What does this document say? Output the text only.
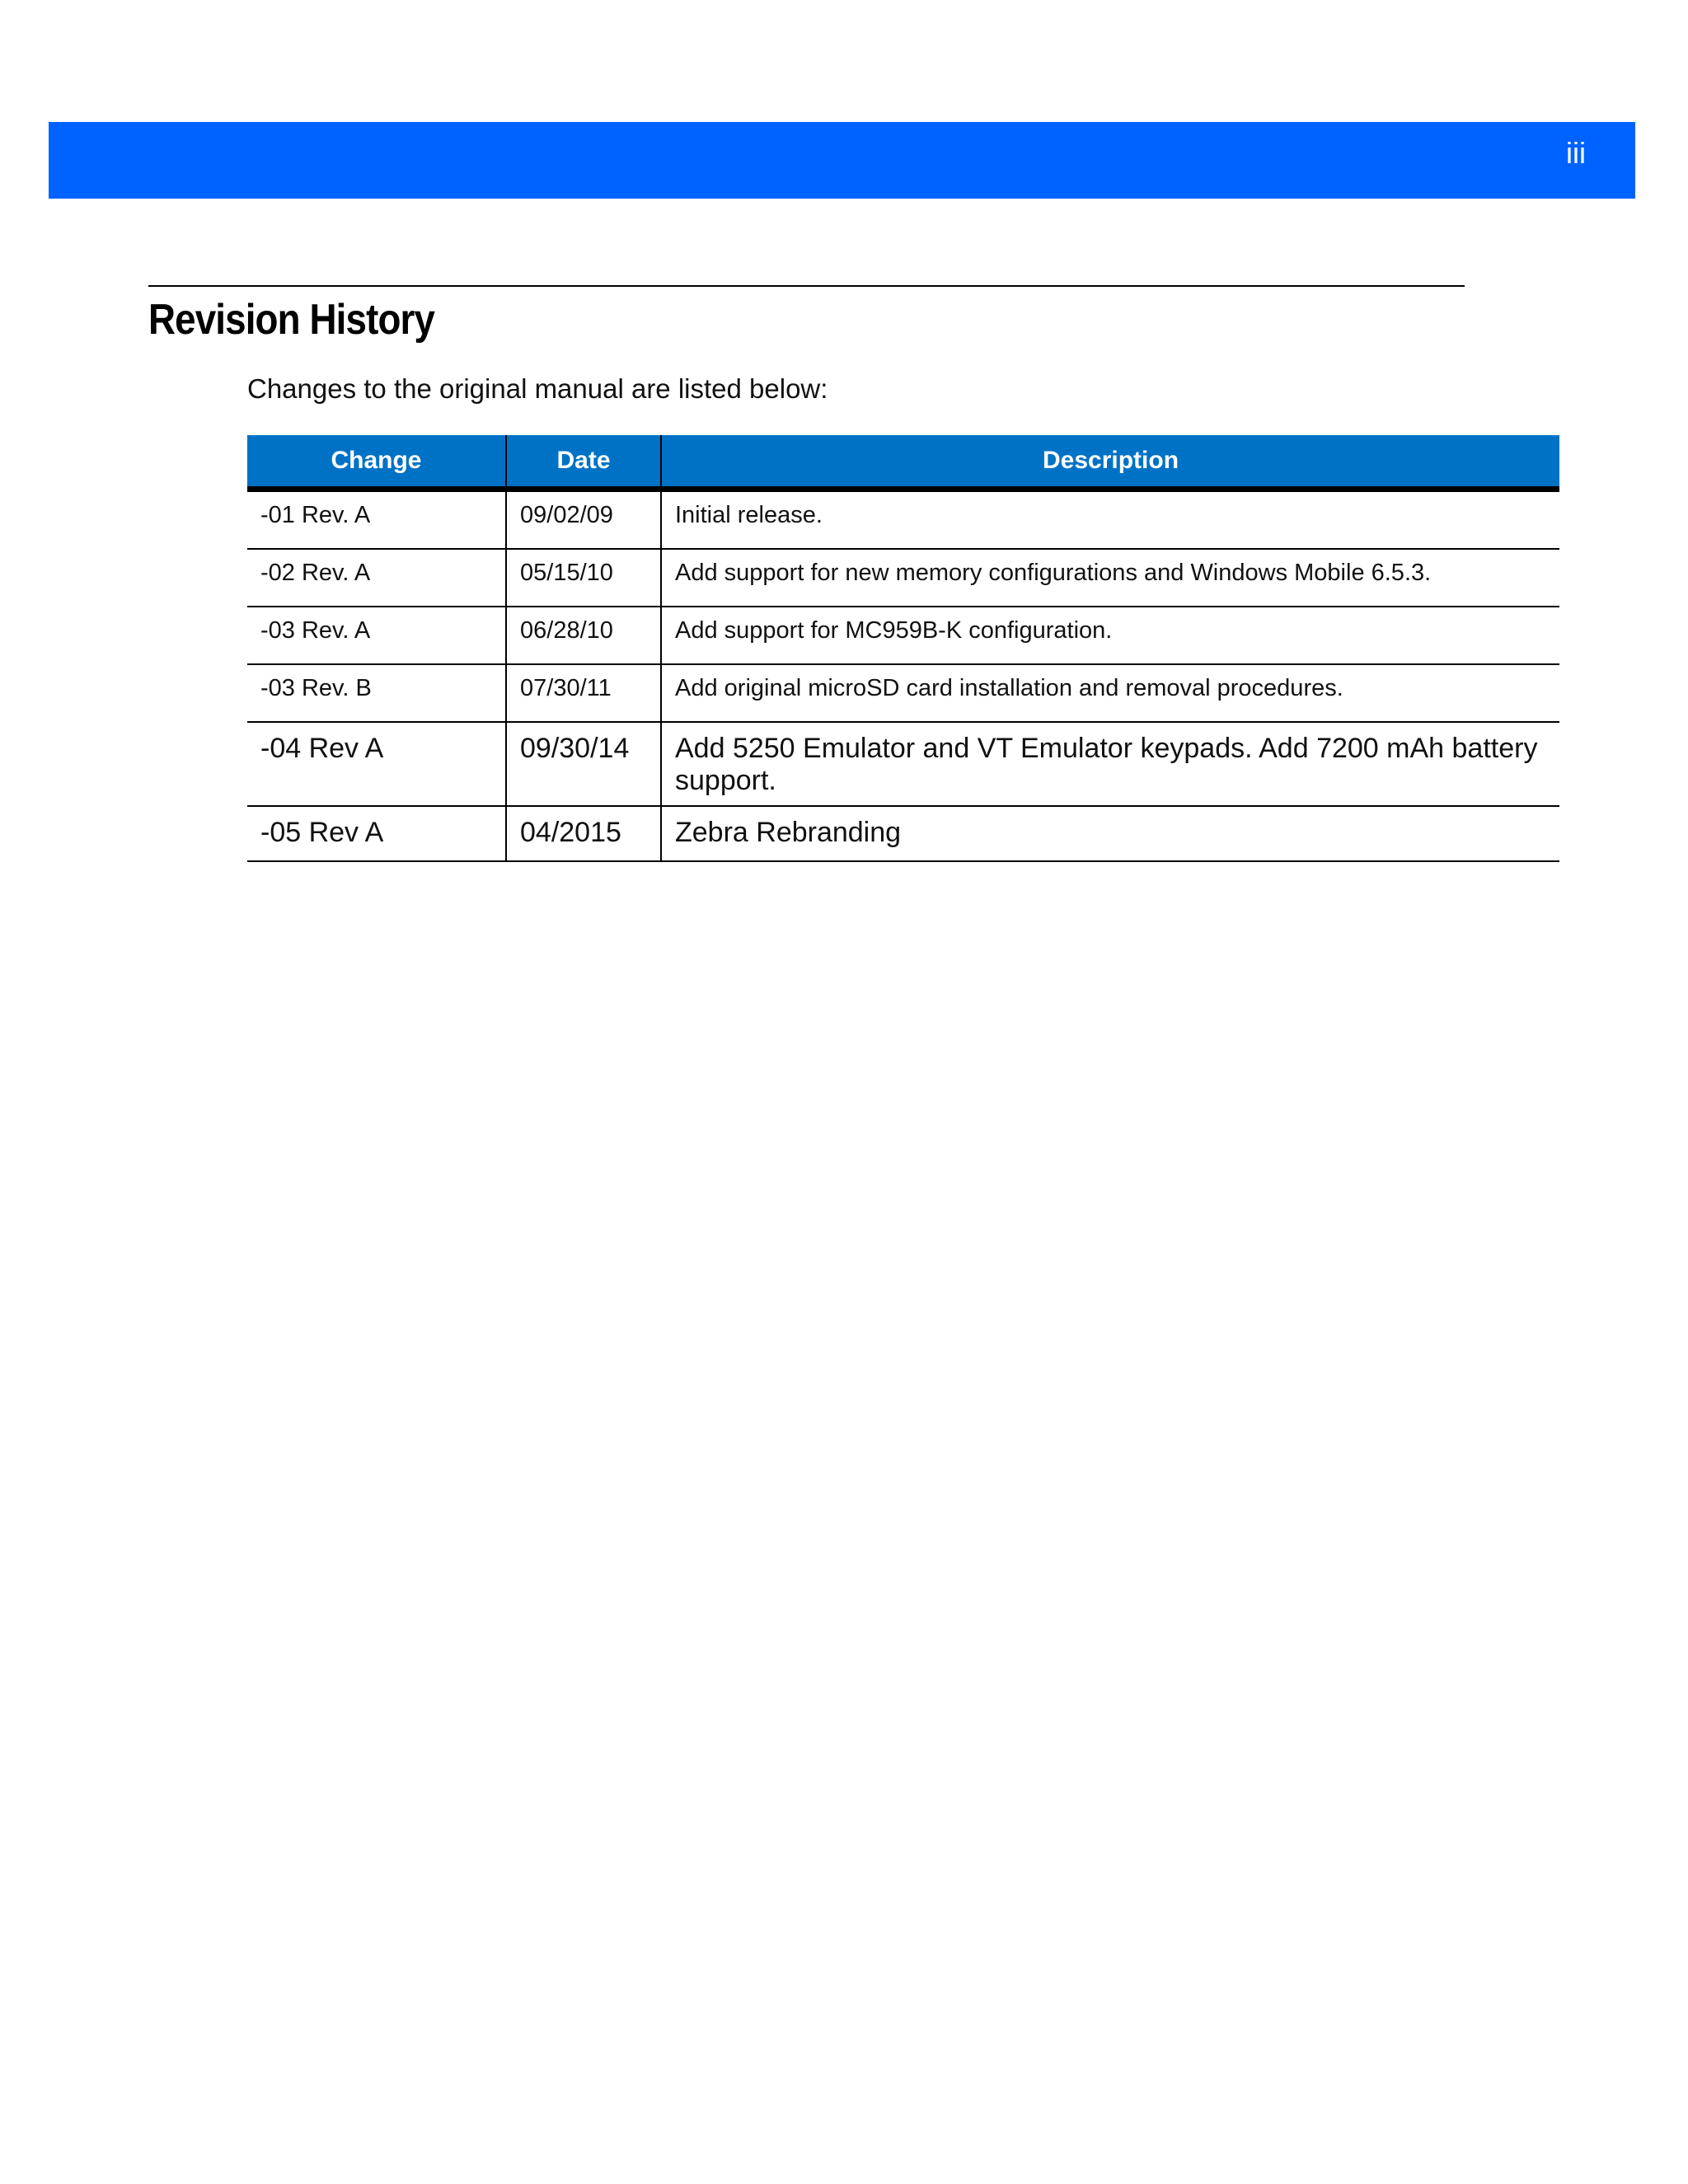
iii
Revision History
Changes to the original manual are listed below:
Change	Date	Description
-01 Rev. A	09/02/09	Initial release.
-02 Rev. A	05/15/10	Add support for new memory configurations and Windows Mobile 6.5.3.
-03 Rev. A	06/28/10	Add support for MC959B-K configuration.
-03 Rev. B	07/30/11	Add original microSD card installation and removal procedures.
-04 Rev A	09/30/14	Add 5250 Emulator and VT Emulator keypads. Add 7200 mAh battery support.
-05 Rev A	04/2015	Zebra Rebranding
